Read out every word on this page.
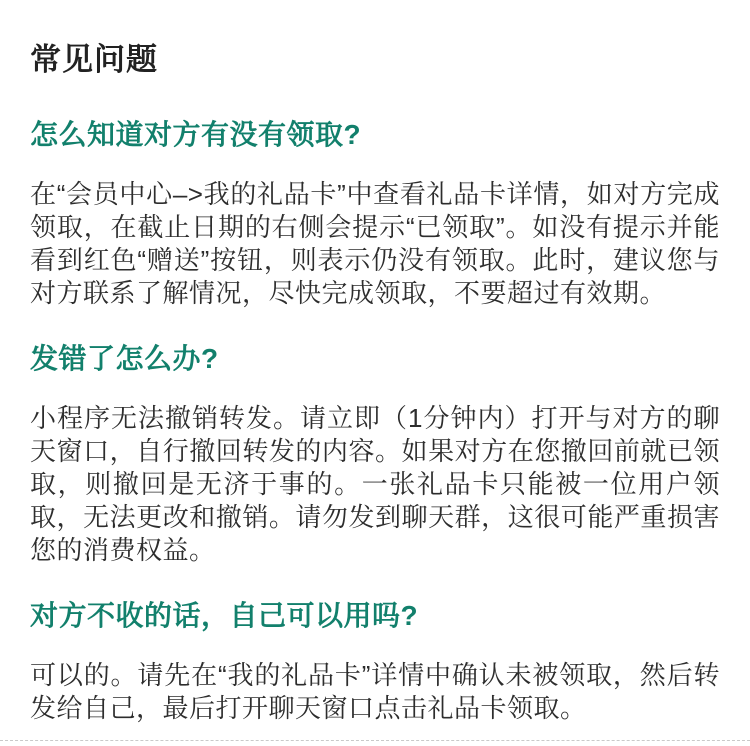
常见问题
怎么知道对方有没有领取?

在“会员中心–>我的礼品卡”中查看礼品卡详情，如对方完成领取，在截止日期的右侧会提示“已领取”。如没有提示并能看到红色“赠送”按钮，则表示仍没有领取。此时，建议您与对方联系了解情况，尽快完成领取，不要超过有效期。

发错了怎么办?

小程序无法撤销转发。请立即（1分钟内）打开与对方的聊天窗口，自行撤回转发的内容。如果对方在您撤回前就已领取，则撤回是无济于事的。一张礼品卡只能被一位用户领取，无法更改和撤销。请勿发到聊天群，这很可能严重损害您的消费权益。

对方不收的话，自己可以用吗?

可以的。请先在“我的礼品卡”详情中确认未被领取，然后转发给自己，最后打开聊天窗口点击礼品卡领取。
